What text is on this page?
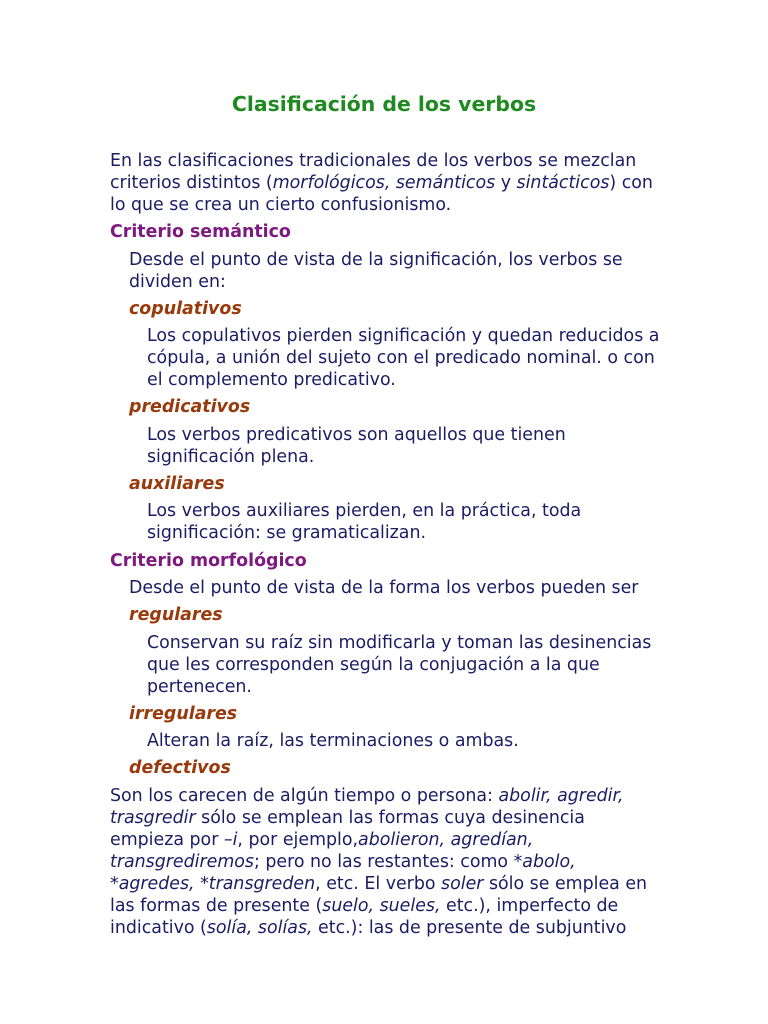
Clasificación de los verbos
En las clasificaciones tradicionales de los verbos se mezclan
criterios distintos (morfológicos, semánticos y sintácticos) con
lo que se crea un cierto confusionismo.
Criterio semántico
Desde el punto de vista de la significación, los verbos se
dividen en:
copulativos
Los copulativos pierden significación y quedan reducidos a
cópula, a unión del sujeto con el predicado nominal. o con
el complemento predicativo.
predicativos
Los verbos predicativos son aquellos que tienen
significación plena.
auxiliares
Los verbos auxiliares pierden, en la práctica, toda
significación: se gramaticalizan.
Criterio morfológico
Desde el punto de vista de la forma los verbos pueden ser
regulares
Conservan su raíz sin modificarla y toman las desinencias
que les corresponden según la conjugación a la que
pertenecen.
irregulares
Alteran la raíz, las terminaciones o ambas.
defectivos
Son los carecen de algún tiempo o persona: abolir, agredir,
trasgredir sólo se emplean las formas cuya desinencia
empieza por –i, por ejemplo,abolieron, agredían,
transgrediremos; pero no las restantes: como *abolo,
*agredes, *transgreden, etc. El verbo soler sólo se emplea en
las formas de presente (suelo, sueles, etc.), imperfecto de
indicativo (solía, solías, etc.): las de presente de subjuntivo
